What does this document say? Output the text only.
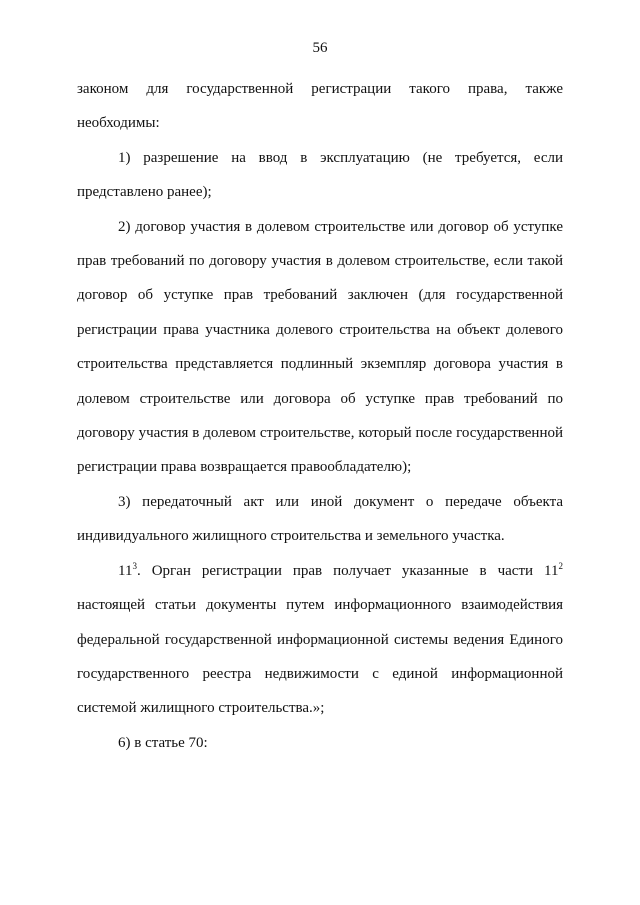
56

законом для государственной регистрации такого права, также необходимы:

1) разрешение на ввод в эксплуатацию (не требуется, если представлено ранее);

2) договор участия в долевом строительстве или договор об уступке прав требований по договору участия в долевом строительстве, если такой договор об уступке прав требований заключен (для государственной регистрации права участника долевого строительства на объект долевого строительства представляется подлинный экземпляр договора участия в долевом строительстве или договора об уступке прав требований по договору участия в долевом строительстве, который после государственной регистрации права возвращается правообладателю);

3) передаточный акт или иной документ о передаче объекта индивидуального жилищного строительства и земельного участка.

$11^3$. Орган регистрации прав получает указанные в части $11^2$ настоящей статьи документы путем информационного взаимодействия федеральной государственной информационной системы ведения Единого государственного реестра недвижимости с единой информационной системой жилищного строительства.»;

6) в статье 70:
